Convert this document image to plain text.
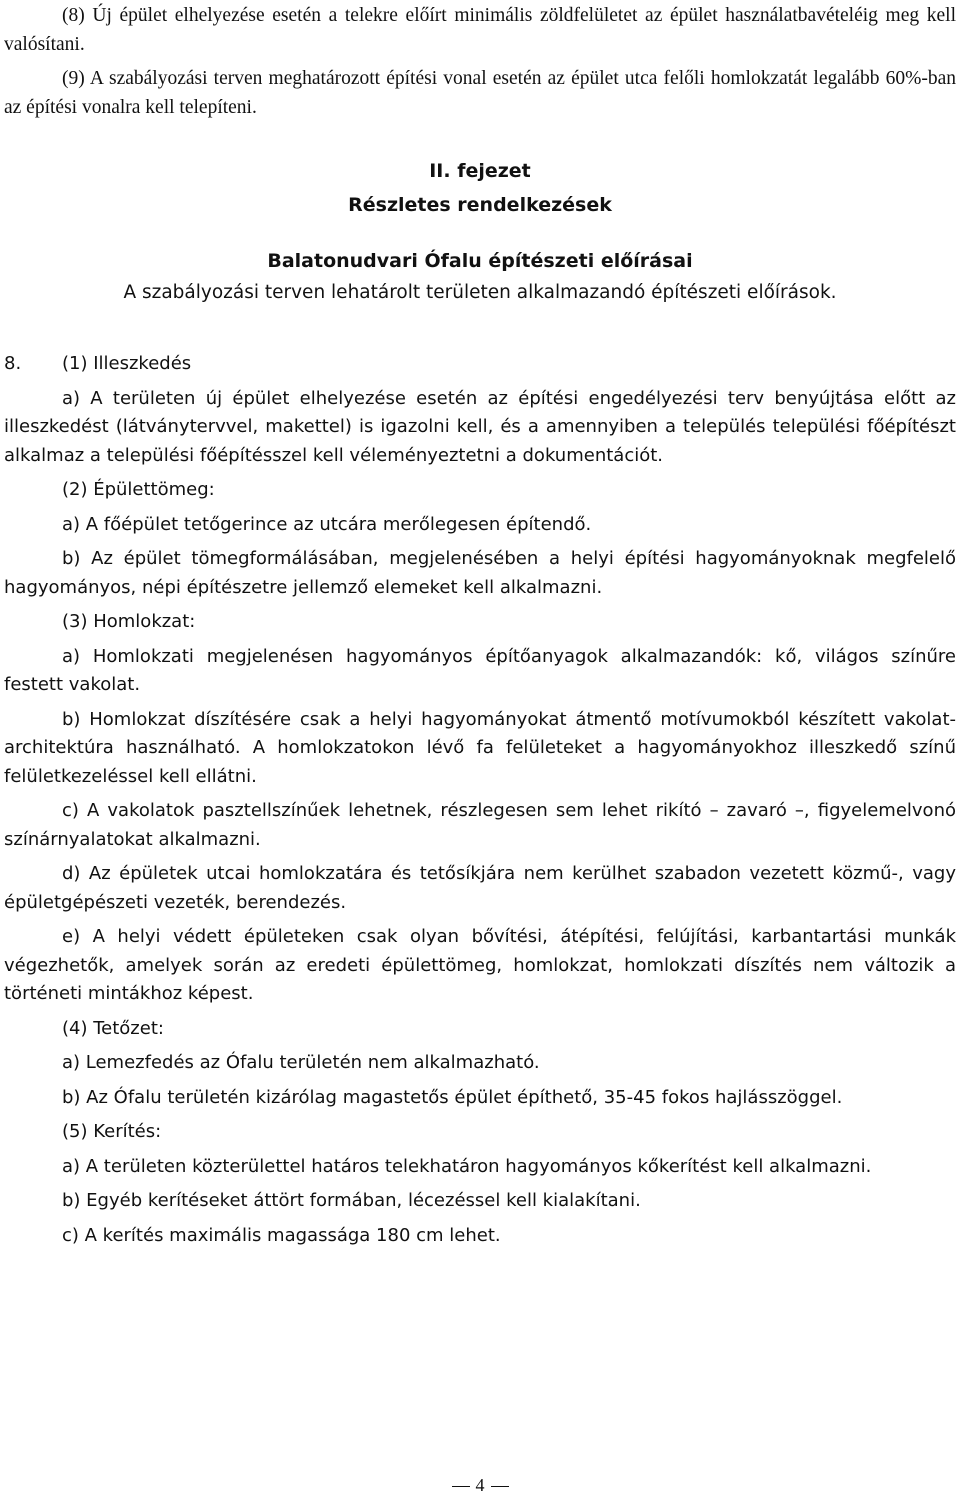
(8) Új épület elhelyezése esetén a telekre előírt minimális zöldfelületet az épület használatbavételéig meg kell valósítani.

(9) A szabályozási terven meghatározott építési vonal esetén az épület utca felőli homlokzatát legalább 60%-ban az építési vonalra kell telepíteni.

II. fejezet

Részletes rendelkezések

Balatonudvari Ófalu építészeti előírásai

A szabályozási terven lehatárolt területen alkalmazandó építészeti előírások.

8.(1) Illeszkedés

a) A területen új épület elhelyezése esetén az építési engedélyezési terv benyújtása előtt az illeszkedést (látványtervvel, makettel) is igazolni kell, és a amennyiben a település települési főépítészt alkalmaz a települési főépítésszel kell véleményeztetni a dokumentációt.

(2) Épülettömeg:

a) A főépület tetőgerince az utcára merőlegesen építendő.

b) Az épület tömegformálásában, megjelenésében a helyi építési hagyományoknak megfelelő hagyományos, népi építészetre jellemző elemeket kell alkalmazni.

(3) Homlokzat:

a) Homlokzati megjelenésen hagyományos építőanyagok alkalmazandók: kő, világos színűre festett vakolat.

b) Homlokzat díszítésére csak a helyi hagyományokat átmentő motívumokból készített vakolat-architektúra használható. A homlokzatokon lévő fa felületeket a hagyományokhoz illeszkedő színű felületkezeléssel kell ellátni.

c) A vakolatok pasztellszínűek lehetnek, részlegesen sem lehet rikító – zavaró –, figyelemelvonó színárnyalatokat alkalmazni.

d) Az épületek utcai homlokzatára és tetősíkjára nem kerülhet szabadon vezetett közmű-, vagy épületgépészeti vezeték, berendezés.

e) A helyi védett épületeken csak olyan bővítési, átépítési, felújítási, karbantartási munkák végezhetők, amelyek során az eredeti épülettömeg, homlokzat, homlokzati díszítés nem változik a történeti mintákhoz képest.

(4) Tetőzet:

a) Lemezfedés az Ófalu területén nem alkalmazható.

b) Az Ófalu területén kizárólag magastetős épület építhető, 35-45 fokos hajlásszöggel.

(5) Kerítés:

a) A területen közterülettel határos telekhatáron hagyományos kőkerítést kell alkalmazni.

b) Egyéb kerítéseket áttört formában, lécezéssel kell kialakítani.

c) A kerítés maximális magassága 180 cm lehet.

4
